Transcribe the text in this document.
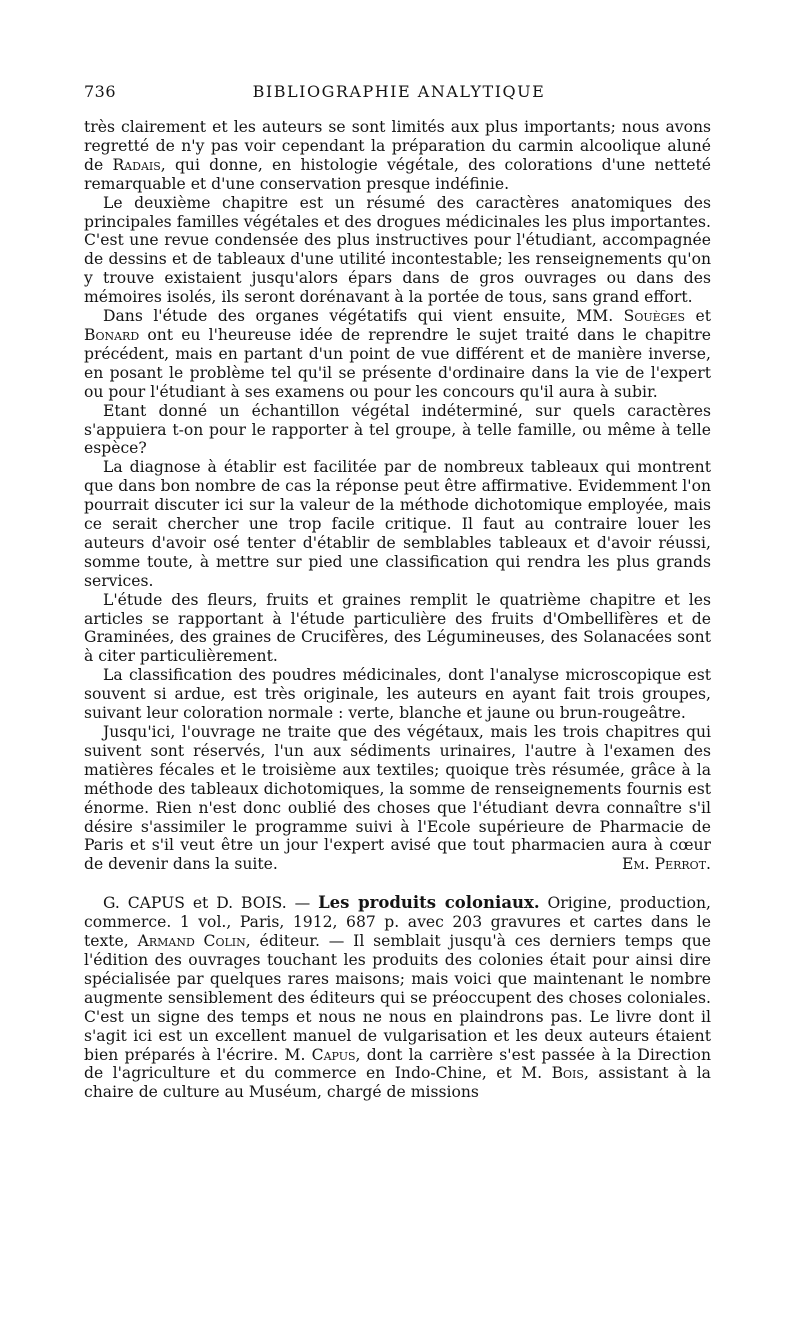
736	BIBLIOGRAPHIE ANALYTIQUE

très clairement et les auteurs se sont limités aux plus importants; nous avons regretté de n'y pas voir cependant la préparation du carmin alcoolique aluné de Radais, qui donne, en histologie végétale, des colorations d'une netteté remarquable et d'une conservation presque indéfinie.

Le deuxième chapitre est un résumé des caractères anatomiques des principales familles végétales et des drogues médicinales les plus importantes. C'est une revue condensée des plus instructives pour l'étudiant, accompagnée de dessins et de tableaux d'une utilité incontestable; les renseignements qu'on y trouve existaient jusqu'alors épars dans de gros ouvrages ou dans des mémoires isolés, ils seront dorénavant à la portée de tous, sans grand effort.

Dans l'étude des organes végétatifs qui vient ensuite, MM. Souèges et Bonard ont eu l'heureuse idée de reprendre le sujet traité dans le chapitre précédent, mais en partant d'un point de vue différent et de manière inverse, en posant le problème tel qu'il se présente d'ordinaire dans la vie de l'expert ou pour l'étudiant à ses examens ou pour les concours qu'il aura à subir.

Etant donné un échantillon végétal indéterminé, sur quels caractères s'appuiera t-on pour le rapporter à tel groupe, à telle famille, ou même à telle espèce?

La diagnose à établir est facilitée par de nombreux tableaux qui montrent que dans bon nombre de cas la réponse peut être affirmative. Evidemment l'on pourrait discuter ici sur la valeur de la méthode dichotomique employée, mais ce serait chercher une trop facile critique. Il faut au contraire louer les auteurs d'avoir osé tenter d'établir de semblables tableaux et d'avoir réussi, somme toute, à mettre sur pied une classification qui rendra les plus grands services.

L'étude des fleurs, fruits et graines remplit le quatrième chapitre et les articles se rapportant à l'étude particulière des fruits d'Ombellifères et de Graminées, des graines de Crucifères, des Légumineuses, des Solanacées sont à citer particulièrement.

La classification des poudres médicinales, dont l'analyse microscopique est souvent si ardue, est très originale, les auteurs en ayant fait trois groupes, suivant leur coloration normale : verte, blanche et jaune ou brun-rougeâtre.

Jusqu'ici, l'ouvrage ne traite que des végétaux, mais les trois chapitres qui suivent sont réservés, l'un aux sédiments urinaires, l'autre à l'examen des matières fécales et le troisième aux textiles; quoique très résumée, grâce à la méthode des tableaux dichotomiques, la somme de renseignements fournis est énorme. Rien n'est donc oublié des choses que l'étudiant devra connaître s'il désire s'assimiler le programme suivi à l'Ecole supérieure de Pharmacie de Paris et s'il veut être un jour l'expert avisé que tout pharmacien aura à cœur de devenir dans la suite.	Em. Perrot.

G. CAPUS et D. BOIS. — Les produits coloniaux. Origine, production, commerce. 1 vol., Paris, 1912, 687 p. avec 203 gravures et cartes dans le texte, Armand Colin, éditeur. — Il semblait jusqu'à ces derniers temps que l'édition des ouvrages touchant les produits des colonies était pour ainsi dire spécialisée par quelques rares maisons; mais voici que maintenant le nombre augmente sensiblement des éditeurs qui se préoccupent des choses coloniales. C'est un signe des temps et nous ne nous en plaindrons pas. Le livre dont il s'agit ici est un excellent manuel de vulgarisation et les deux auteurs étaient bien préparés à l'écrire. M. Capus, dont la carrière s'est passée à la Direction de l'agriculture et du commerce en Indo-Chine, et M. Bois, assistant à la chaire de culture au Muséum, chargé de missions
